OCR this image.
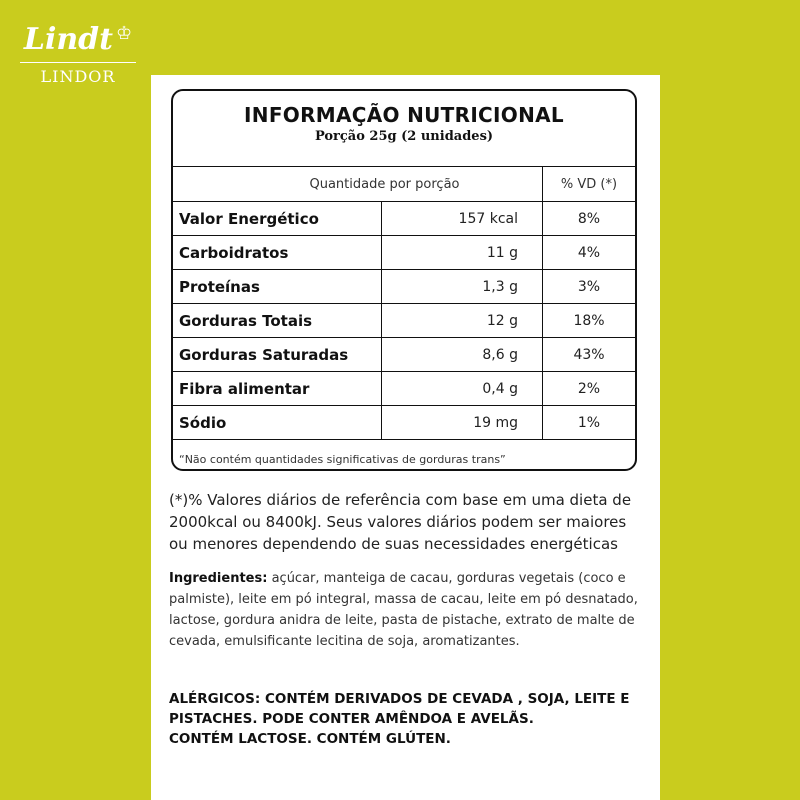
Lindt ♔
LINDOR
INFORMAÇÃO NUTRICIONAL
Porção 25g (2 unidades)
Quantidade por porção		% VD (*)
Valor Energético	157 kcal	8%
Carboidratos	11 g	4%
Proteínas	1,3 g	3%
Gorduras Totais	12 g	18%
Gorduras Saturadas	8,6 g	43%
Fibra alimentar	0,4 g	2%
Sódio	19 mg	1%
“Não contém quantidades significativas de gorduras trans”		
(*)% Valores diários de referência com base em uma dieta de 2000kcal ou 8400kJ. Seus valores diários podem ser maiores ou menores dependendo de suas necessidades energéticas
Ingredientes: açúcar, manteiga de cacau, gorduras vegetais (coco e palmiste), leite em pó integral, massa de cacau, leite em pó desnatado, lactose, gordura anidra de leite, pasta de pistache, extrato de malte de cevada, emulsificante lecitina de soja, aromatizantes.
ALÉRGICOS: CONTÉM DERIVADOS DE CEVADA , SOJA, LEITE E PISTACHES. PODE CONTER AMÊNDOA E AVELÃS.
CONTÉM LACTOSE. CONTÉM GLÚTEN.
